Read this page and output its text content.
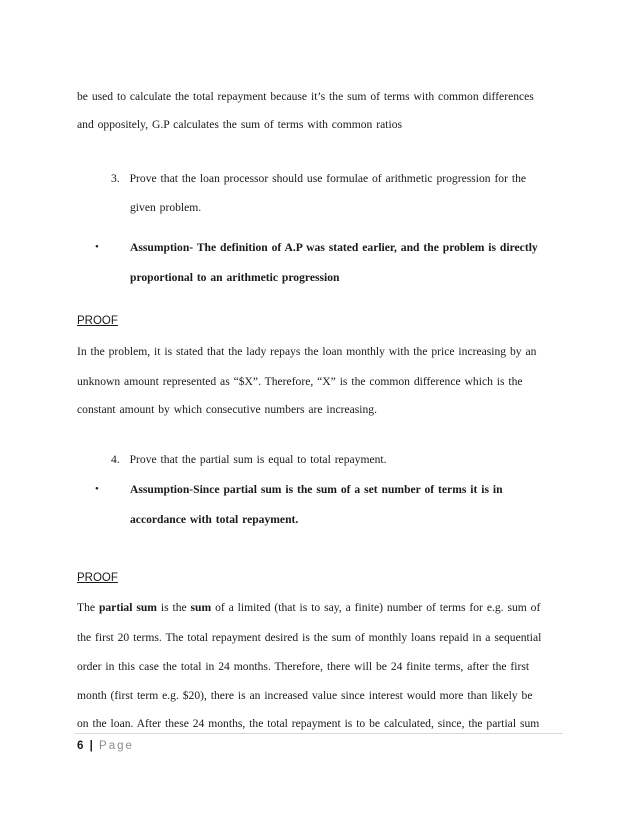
be used to calculate the total repayment because it’s the sum of terms with common differences
and oppositely, G.P calculates the sum of terms with common ratios
3. Prove that the loan processor should use formulae of arithmetic progression for the
given problem.
•	Assumption- The definition of A.P was stated earlier, and the problem is directly
proportional to an arithmetic progression
PROOF
In the problem, it is stated that the lady repays the loan monthly with the price increasing by an
unknown amount represented as “$X”. Therefore, “X” is the common difference which is the
constant amount by which consecutive numbers are increasing.
4. Prove that the partial sum is equal to total repayment.
•	Assumption-Since partial sum is the sum of a set number of terms it is in
accordance with total repayment.
PROOF
The partial sum is the sum of a limited (that is to say, a finite) number of terms for e.g. sum of
the first 20 terms. The total repayment desired is the sum of monthly loans repaid in a sequential
order in this case the total in 24 months. Therefore, there will be 24 finite terms, after the first
month (first term e.g. $20), there is an increased value since interest would more than likely be
on the loan. After these 24 months, the total repayment is to be calculated, since, the partial sum
6 | Page
